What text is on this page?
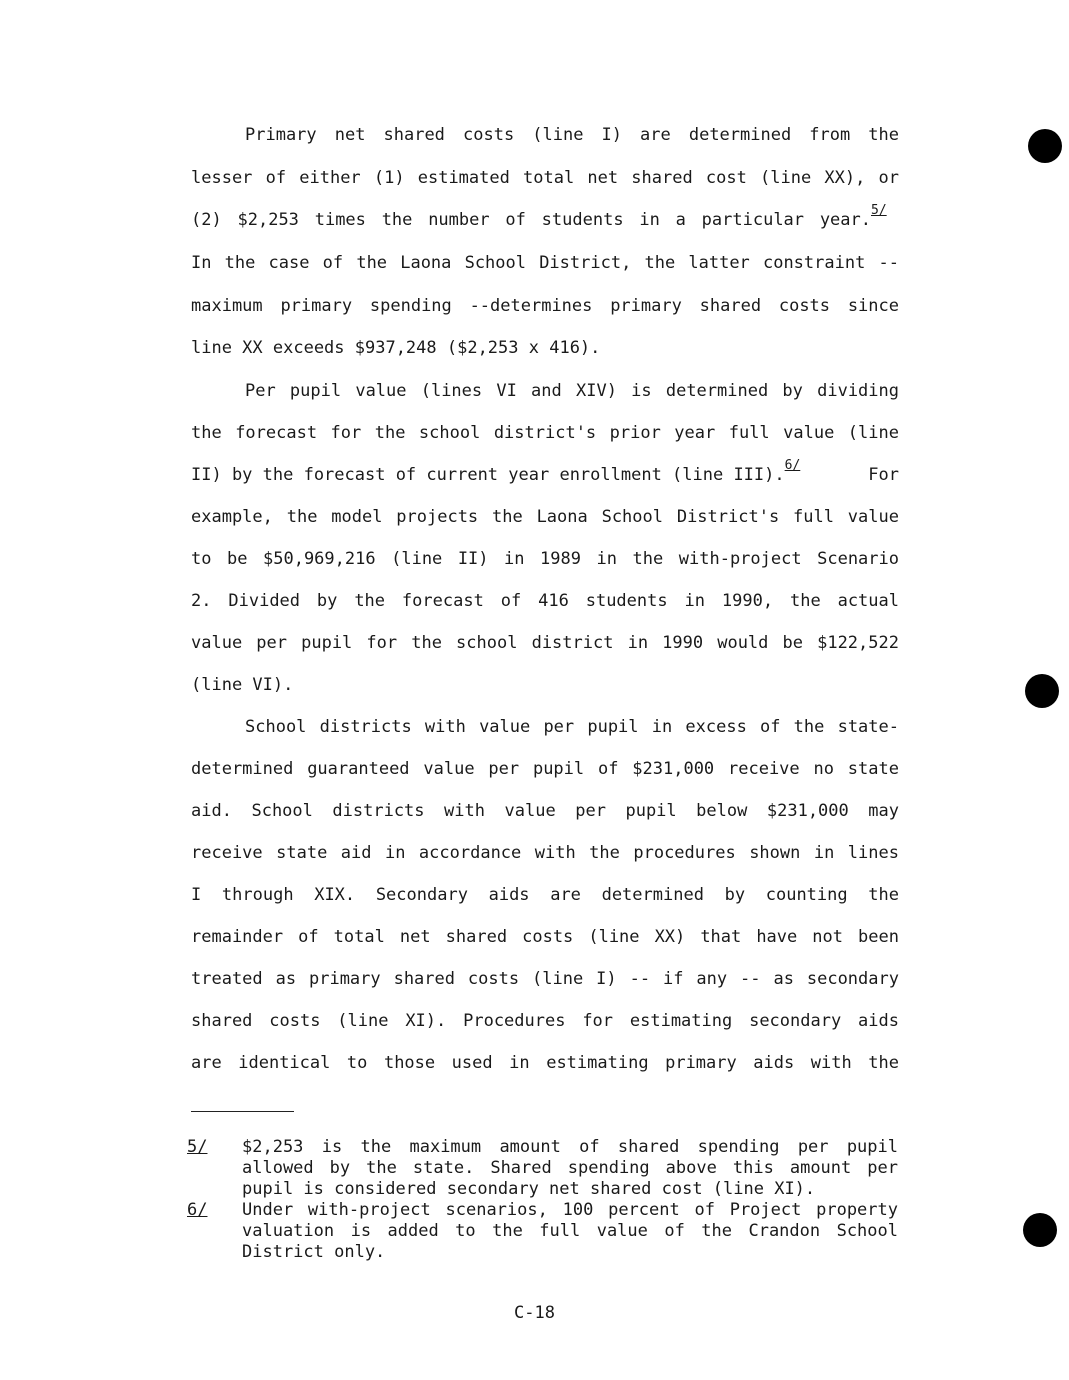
Primary net shared costs (line I) are determined from the
lesser of either (1) estimated total net shared cost (line XX), or
(2) $2,253 times the number of students in a particular year.$^{5/}$
In the case of the Laona School District, the latter constraint --
maximum primary spending --determines primary shared costs since
line XX exceeds $937,248 ($2,253 x 416).
Per pupil value (lines VI and XIV) is determined by dividing
the forecast for the school district's prior year full value (line
II) by the forecast of current year enrollment (line III).$^{6/}$	For
example, the model projects the Laona School District's full value
to be $50,969,216 (line II) in 1989 in the with-project Scenario
2. Divided by the forecast of 416 students in 1990, the actual
value per pupil for the school district in 1990 would be $122,522
(line VI).
School districts with value per pupil in excess of the state-
determined guaranteed value per pupil of $231,000 receive no state
aid. School districts with value per pupil below $231,000 may
receive state aid in accordance with the procedures shown in lines
I through XIX. Secondary aids are determined by counting the
remainder of total net shared costs (line XX) that have not been
treated as primary shared costs (line I) -- if any -- as secondary
shared costs (line XI). Procedures for estimating secondary aids
are identical to those used in estimating primary aids with the
5/ $2,253 is the maximum amount of shared spending per pupil
allowed by the state. Shared spending above this amount per
pupil is considered secondary net shared cost (line XI).
6/ Under with-project scenarios, 100 percent of Project property
valuation is added to the full value of the Crandon School
District only.
C-18
